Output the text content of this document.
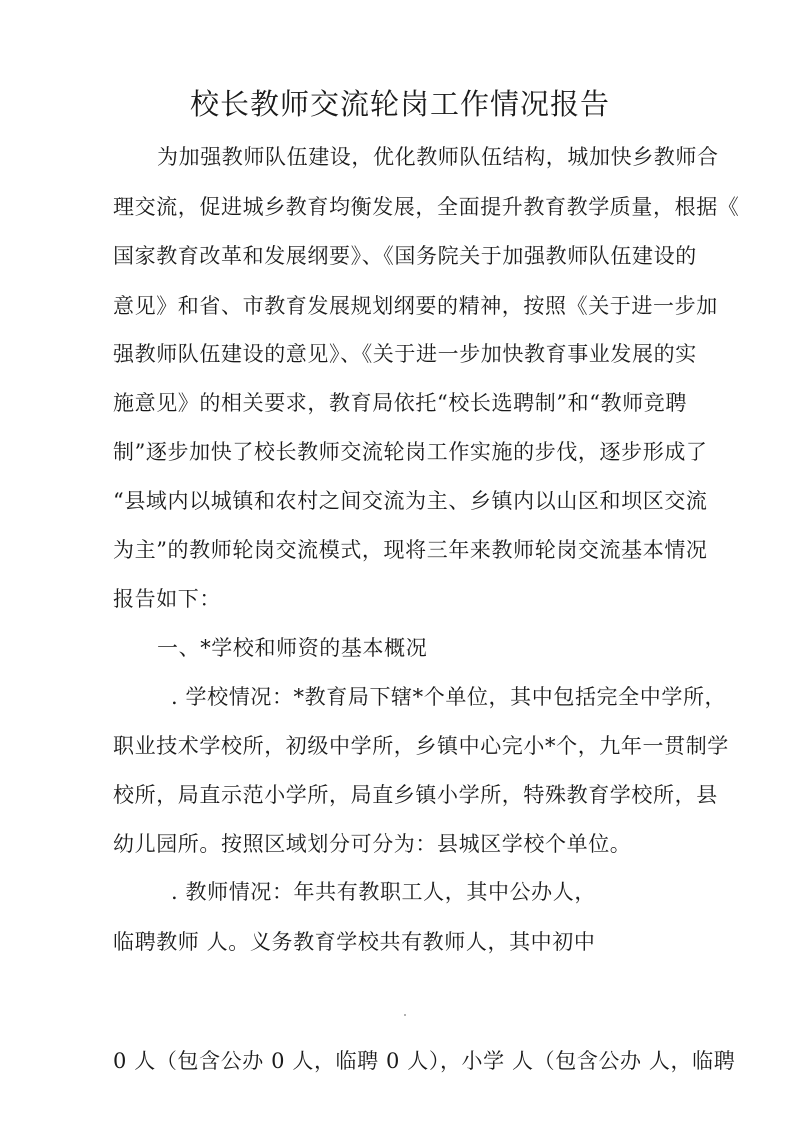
校长教师交流轮岗工作情况报告
为加强教师队伍建设，优化教师队伍结构，城加快乡教师合
理交流，促进城乡教育均衡发展，全面提升教育教学质量，根据《
国家教育改革和发展纲要》、《国务院关于加强教师队伍建设的
意见》和省、市教育发展规划纲要的精神，按照《关于进一步加
强教师队伍建设的意见》、《关于进一步加快教育事业发展的实
施意见》的相关要求，教育局依托“校长选聘制”和“教师竞聘
制”逐步加快了校长教师交流轮岗工作实施的步伐，逐步形成了
“县域内以城镇和农村之间交流为主、乡镇内以山区和坝区交流
为主”的教师轮岗交流模式，现将三年来教师轮岗交流基本情况
报告如下：
一、*学校和师资的基本概况
. 学校情况：*教育局下辖*个单位，其中包括完全中学所，
职业技术学校所，初级中学所，乡镇中心完小*个，九年一贯制学
校所，局直示范小学所，局直乡镇小学所，特殊教育学校所，县
幼儿园所。按照区域划分可分为：县城区学校个单位。
. 教师情况：年共有教职工人，其中公办人，
临聘教师 人。义务教育学校共有教师人，其中初中
0 人（包含公办 0 人，临聘 0 人），小学 人（包含公办 人，临聘
